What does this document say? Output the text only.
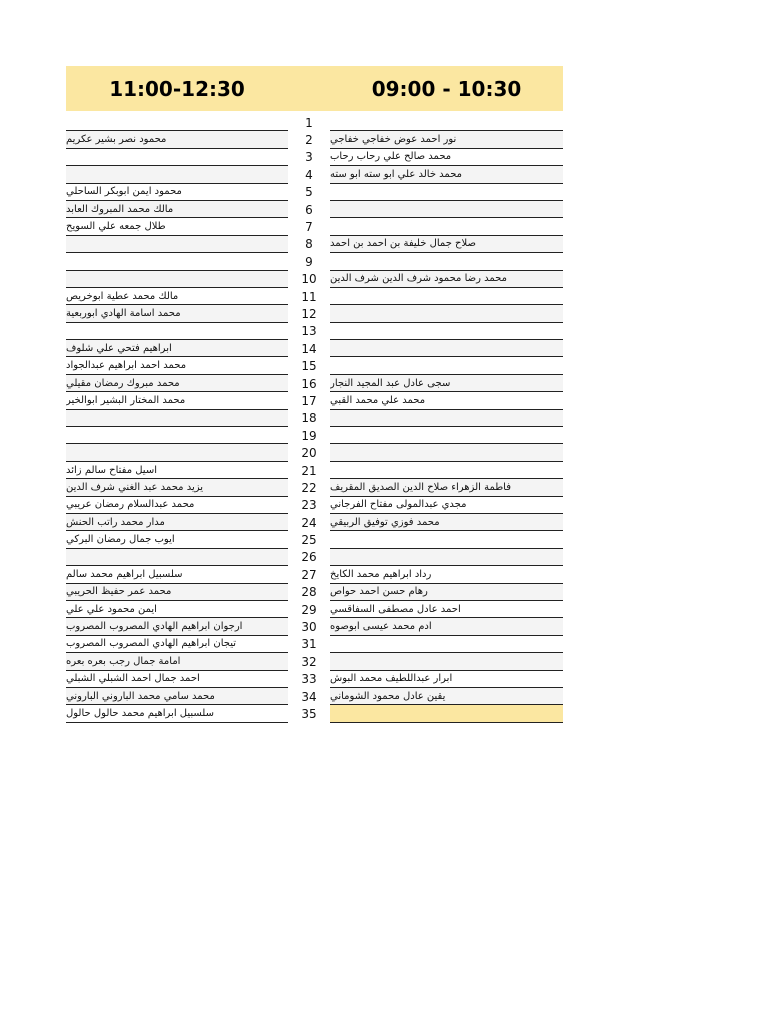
11:00-12:30	09:00 - 10:30
1
محمود نصر بشير عكريم	2	نور احمد عوض خفاجي خفاجي
3	محمد صالح علي رحاب رحاب
4	محمد خالد علي ابو سته ابو سته
محمود ايمن ابوبكر الساحلي	5
مالك محمد المبروك العابد	6
طلال جمعه علي السويح	7
8	صلاح جمال خليفة بن احمد بن احمد
9
10	محمد رضا محمود شرف الدين شرف الدين
مالك محمد عطية ابوخريص	11
محمد اسامة الهادي ابوربعية	12
13
ابراهيم فتحي علي شلوف	14
محمد احمد ابراهيم عبدالجواد	15
محمد مبروك رمضان مقيلي	16	سجى عادل عبد المجيد النجار
محمد المختار البشير ابوالخير	17	محمد علي محمد القبي
18
19
20
اسيل مفتاح سالم زائد	21
يزيد محمد عبد الغني شرف الدين	22	فاطمة الزهراء صلاح الدين الصديق المقريف
محمد عبدالسلام رمضان عريبي	23	مجدي عبدالمولى مفتاح الفرجاني
مدار محمد راتب الحنش	24	محمد فوزي توفيق الربيقي
ايوب جمال رمضان البركي	25
26
سلسبيل ابراهيم محمد سالم	27	رداد ابراهيم محمد الكايخ
محمد عمر حفيظ الحريبي	28	رهام حسن احمد حواص
ايمن محمود علي علي	29	احمد عادل مصطفى السفاقسي
ارجوان ابراهيم الهادي المصروب المصروب	30	ادم محمد عيسى ابوصوه
تيجان ابراهيم الهادي المصروب المصروب	31
امامة جمال رجب بعره بعره	32
احمد جمال احمد الشبلي الشبلي	33	ابرار عبداللطيف محمد البوش
محمد سامي محمد الباروني الباروني	34	يقين عادل محمود الشوماني
سلسبيل ابراهيم محمد حالول حالول	35
